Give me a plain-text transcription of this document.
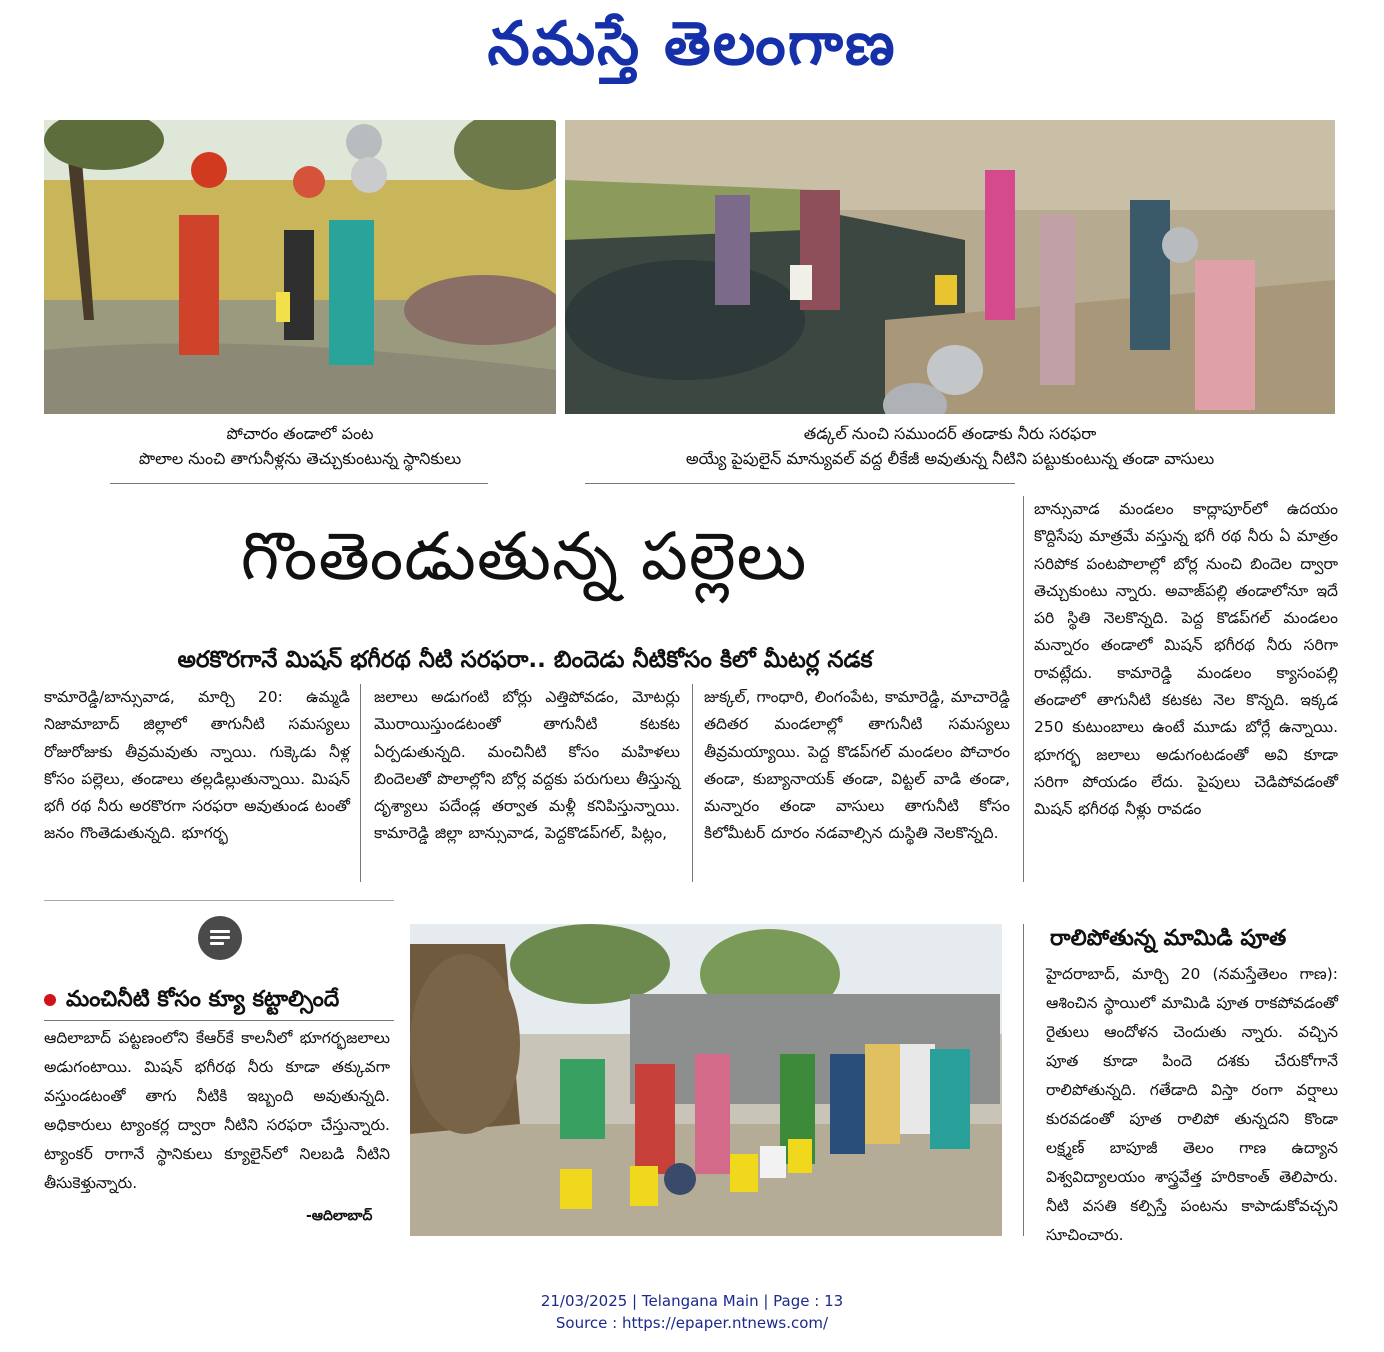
నమస్తే తెలంగాణ
పోచారం తండాలో పంట
పొలాల నుంచి తాగునీళ్లను తెచ్చుకుంటున్న స్థానికులు
తడ్కల్ నుంచి సముందర్ తండాకు నీరు సరఫరా
అయ్యే పైపులైన్ మాన్యువల్ వద్ద లీకేజీ అవుతున్న నీటిని పట్టుకుంటున్న తండా వాసులు
గొంతెండుతున్న పల్లెలు
అరకొరగానే మిషన్ భగీరథ నీటి సరఫరా.. బిందెడు నీటికోసం కిలో మీటర్ల నడక
కామారెడ్డి/బాన్సువాడ, మార్చి 20: ఉమ్మడి నిజామాబాద్ జిల్లాలో తాగునీటి సమస్యలు రోజురోజుకు తీవ్రమవుతు న్నాయి. గుక్కెడు నీళ్ల కోసం పల్లెలు, తండాలు తల్లడిల్లుతున్నాయి. మిషన్ భగీ రథ నీరు అరకొరగా సరఫరా అవుతుండ టంతో జనం గొంతెడుతున్నది. భూగర్భ
జలాలు అడుగంటి బోర్లు ఎత్తిపోవడం, మోటర్లు మొరాయిస్తుండటంతో తాగునీటి కటకట ఏర్పడుతున్నది. మంచినీటి కోసం మహిళలు బిందెలతో పొలాల్లోని బోర్ల వద్దకు పరుగులు తీస్తున్న దృశ్యాలు పదేండ్ల తర్వాత మళ్లీ కనిపిస్తున్నాయి. కామారెడ్డి జిల్లా బాన్సువాడ, పెద్దకొడప్‌గల్, పిట్లం,
జుక్కల్, గాంధారి, లింగంపేట, కామారెడ్డి, మాచారెడ్డి తదితర మండలాల్లో తాగునీటి సమస్యలు తీవ్రమయ్యాయి. పెద్ద కొడప్‌గల్ మండలం పోచారం తండా, కుబ్యానాయక్ తండా, విట్టల్ వాడి తండా, మన్నారం తండా వాసులు తాగునీటి కోసం కిలోమీటర్ దూరం నడవాల్సిన దుస్థితి నెలకొన్నది.
బాన్సువాడ మండలం కాద్లాపూర్‌లో ఉదయం కొద్దిసేపు మాత్రమే వస్తున్న భగీ రథ నీరు ఏ మాత్రం సరిపోక పంటపొలాల్లో బోర్ల నుంచి బిందెల ద్వారా తెచ్చుకుంటు న్నారు. అవాజ్‌పల్లి తండాలోనూ ఇదే పరి స్థితి నెలకొన్నది. పెద్ద కొడప్‌గల్ మండలం మన్నారం తండాలో మిషన్ భగీరథ నీరు సరిగా రావట్లేదు. కామారెడ్డి మండలం క్యాసంపల్లి తండాలో తాగునీటి కటకట నెల కొన్నది. ఇక్కడ 250 కుటుంబాలు ఉంటే మూడు బోర్లే ఉన్నాయి. భూగర్భ జలాలు అడుగంటడంతో అవి కూడా సరిగా పోయడం లేదు. పైపులు చెడిపోవడంతో మిషన్ భగీరథ నీళ్లు రావడం
మంచినీటి కోసం క్యూ కట్టాల్సిందే
ఆదిలాబాద్ పట్టణంలోని కేఆర్‌కే కాలనీలో భూగర్భజలాలు అడుగంటాయి. మిషన్ భగీరథ నీరు కూడా తక్కువగా వస్తుండటంతో తాగు నీటికి ఇబ్బంది అవుతున్నది. అధికారులు ట్యాంకర్ల ద్వారా నీటిని సరఫరా చేస్తున్నారు. ట్యాంకర్ రాగానే స్థానికులు క్యూలైన్‌లో నిలబడి నీటిని తీసుకెళ్తున్నారు.
-ఆదిలాబాద్
రాలిపోతున్న మామిడి పూత
హైదరాబాద్, మార్చి 20 (నమస్తేతెలం గాణ): ఆశించిన స్థాయిలో మామిడి పూత రాకపోవడంతో రైతులు ఆందోళన చెందుతు న్నారు. వచ్చిన పూత కూడా పిందె దశకు చేరుకోగానే రాలిపోతున్నది. గతేడాది విస్తా రంగా వర్షాలు కురవడంతో పూత రాలిపో తున్నదని కొండా లక్ష్మణ్ బాపూజీ తెలం గాణ ఉద్యాన విశ్వవిద్యాలయం శాస్త్రవేత్త హరికాంత్ తెలిపారు. నీటి వసతి కల్పిస్తే పంటను కాపాడుకోవచ్చని సూచించారు.
21/03/2025 | Telangana Main | Page : 13
Source : https://epaper.ntnews.com/
